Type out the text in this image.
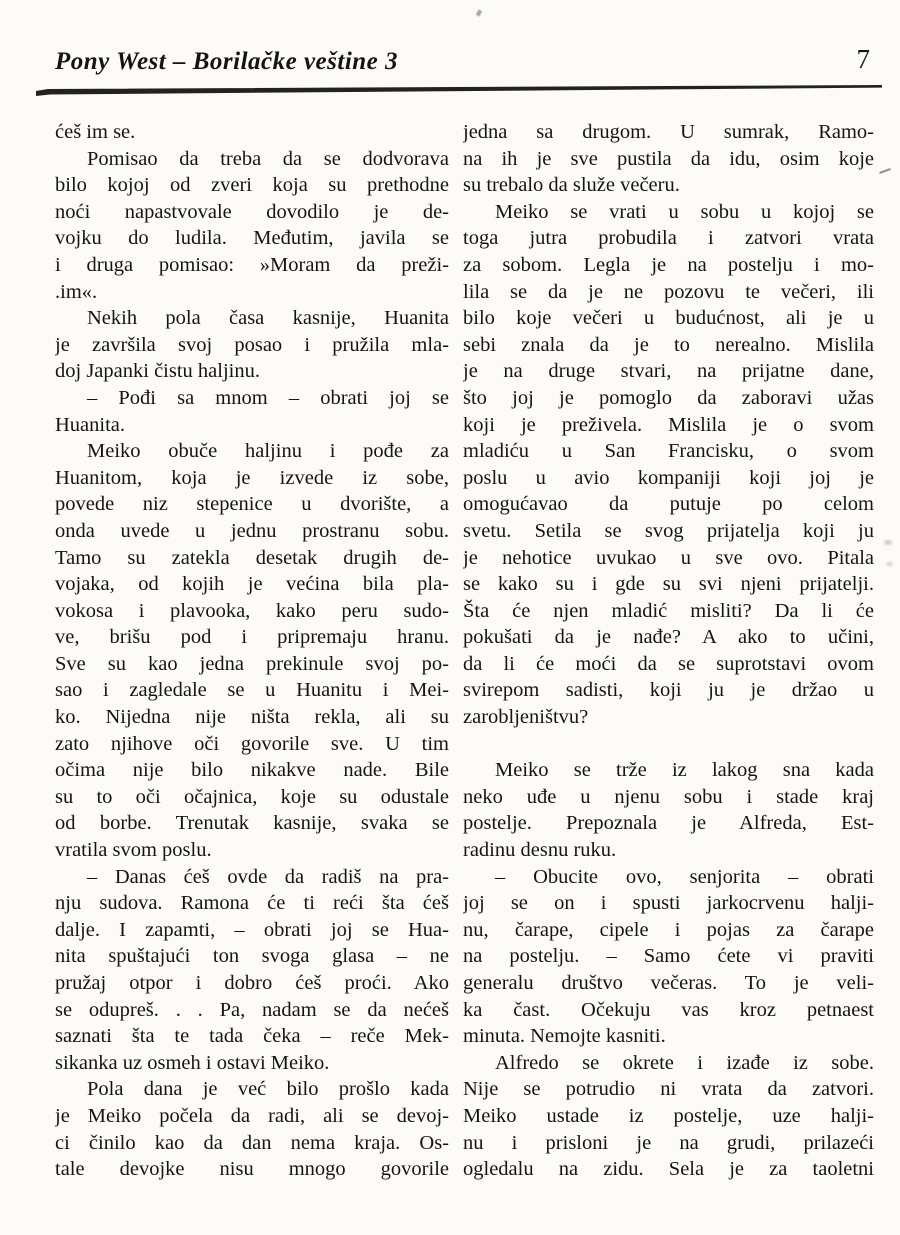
Pony West – Borilačke veštine 3	7
ćeš im se.
Pomisao da treba da se dodvorava
bilo kojoj od zveri koja su prethodne
noći napastvovale dovodilo je de-
vojku do ludila. Međutim, javila se
i druga pomisao: »Moram da preži-
.im«.
Nekih pola časa kasnije, Huanita
je završila svoj posao i pružila mla-
doj Japanki čistu haljinu.
– Pođi sa mnom – obrati joj se
Huanita.
Meiko obuče haljinu i pođe za
Huanitom, koja je izvede iz sobe,
povede niz stepenice u dvorište, a
onda uvede u jednu prostranu sobu.
Tamo su zatekla desetak drugih de-
vojaka, od kojih je većina bila pla-
vokosa i plavooka, kako peru sudo-
ve, brišu pod i pripremaju hranu.
Sve su kao jedna prekinule svoj po-
sao i zagledale se u Huanitu i Mei-
ko. Nijedna nije ništa rekla, ali su
zato njihove oči govorile sve. U tim
očima nije bilo nikakve nade. Bile
su to oči očajnica, koje su odustale
od borbe. Trenutak kasnije, svaka se
vratila svom poslu.
– Danas ćeš ovde da radiš na pra-
nju sudova. Ramona će ti reći šta ćeš
dalje. I zapamti, – obrati joj se Hua-
nita spuštajući ton svoga glasa – ne
pružaj otpor i dobro ćeš proći. Ako
se odupreš. . . Pa, nadam se da nećeš
saznati šta te tada čeka – reče Mek-
sikanka uz osmeh i ostavi Meiko.
Pola dana je već bilo prošlo kada
je Meiko počela da radi, ali se devoj-
ci činilo kao da dan nema kraja. Os-
tale devojke nisu mnogo govorile
jedna sa drugom. U sumrak, Ramo-
na ih je sve pustila da idu, osim koje
su trebalo da služe večeru.
Meiko se vrati u sobu u kojoj se
toga jutra probudila i zatvori vrata
za sobom. Legla je na postelju i mo-
lila se da je ne pozovu te večeri, ili
bilo koje večeri u budućnost, ali je u
sebi znala da je to nerealno. Mislila
je na druge stvari, na prijatne dane,
što joj je pomoglo da zaboravi užas
koji je preživela. Mislila je o svom
mladiću u San Francisku, o svom
poslu u avio kompaniji koji joj je
omogućavao da putuje po celom
svetu. Setila se svog prijatelja koji ju
je nehotice uvukao u sve ovo. Pitala
se kako su i gde su svi njeni prijatelji.
Šta će njen mladić misliti? Da li će
pokušati da je nađe? A ako to učini,
da li će moći da se suprotstavi ovom
svirepom sadisti, koji ju je držao u
zarobljeništvu?
Meiko se trže iz lakog sna kada
neko uđe u njenu sobu i stade kraj
postelje. Prepoznala je Alfreda, Est-
radinu desnu ruku.
– Obucite ovo, senjorita – obrati
joj se on i spusti jarkocrvenu halji-
nu, čarape, cipele i pojas za čarape
na postelju. – Samo ćete vi praviti
generalu društvo večeras. To je veli-
ka čast. Očekuju vas kroz petnaest
minuta. Nemojte kasniti.
Alfredo se okrete i izađe iz sobe.
Nije se potrudio ni vrata da zatvori.
Meiko ustade iz postelje, uze halji-
nu i prisloni je na grudi, prilazeći
ogledalu na zidu. Sela je za taoletni
